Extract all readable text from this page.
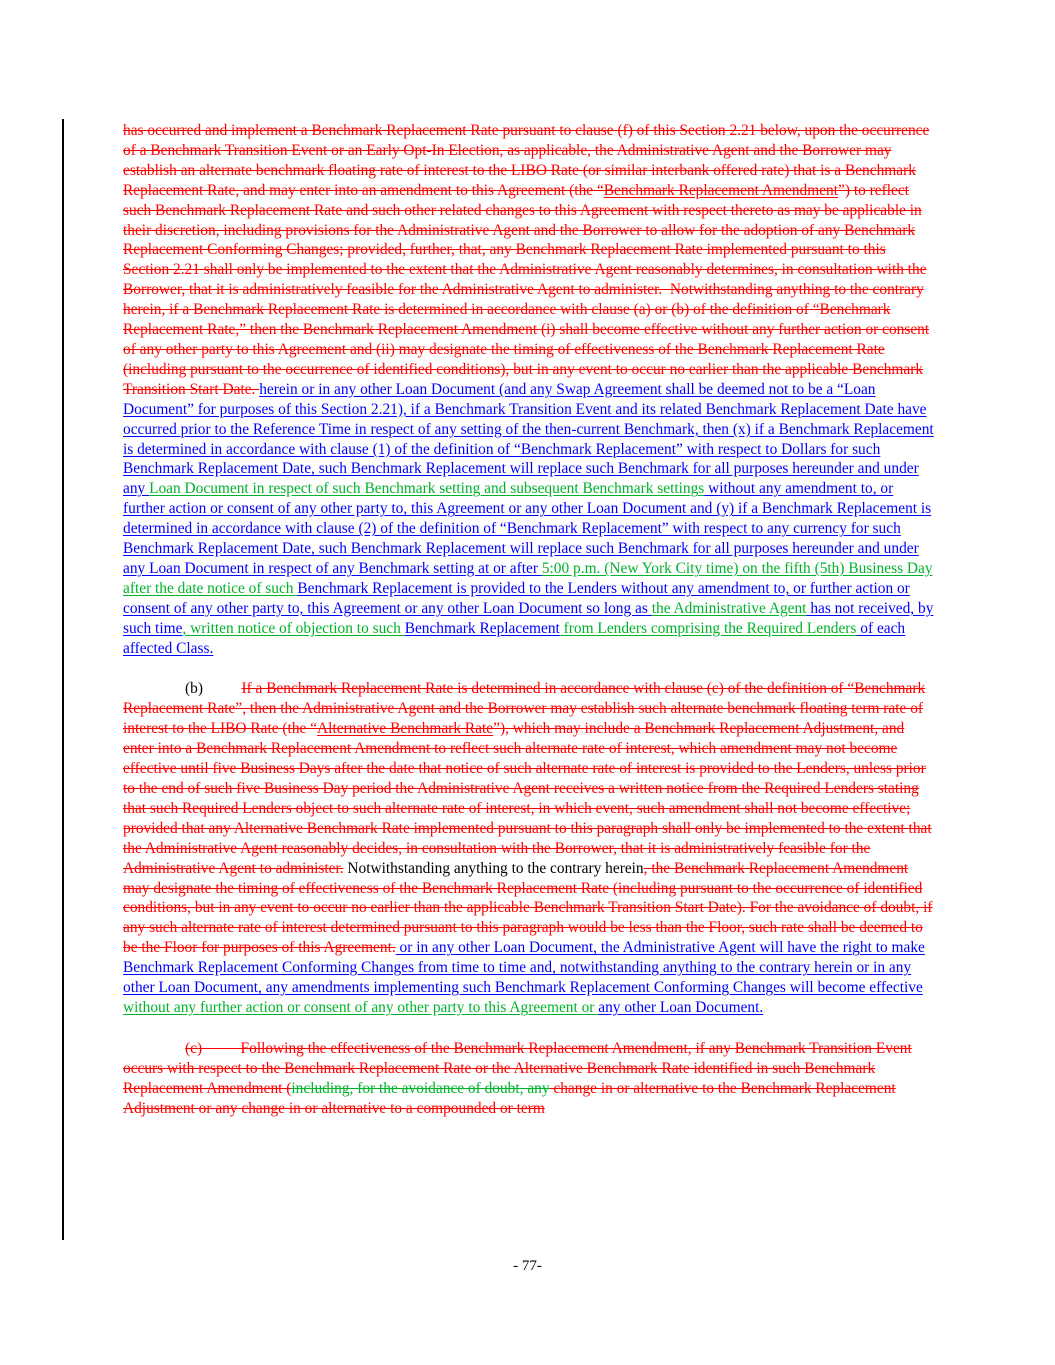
has occurred and implement a Benchmark Replacement Rate pursuant to clause (f) of this Section 2.21 below, upon the occurrence of a Benchmark Transition Event or an Early Opt-In Election, as applicable, the Administrative Agent and the Borrower may establish an alternate benchmark floating rate of interest to the LIBO Rate (or similar interbank offered rate) that is a Benchmark Replacement Rate, and may enter into an amendment to this Agreement (the “Benchmark Replacement Amendment”) to reflect such Benchmark Replacement Rate and such other related changes to this Agreement with respect thereto as may be applicable in their discretion, including provisions for the Administrative Agent and the Borrower to allow for the adoption of any Benchmark Replacement Conforming Changes; provided, further, that, any Benchmark Replacement Rate implemented pursuant to this Section 2.21 shall only be implemented to the extent that the Administrative Agent reasonably determines, in consultation with the Borrower, that it is administratively feasible for the Administrative Agent to administer.  Notwithstanding anything to the contrary herein, if a Benchmark Replacement Rate is determined in accordance with clause (a) or (b) of the definition of “Benchmark Replacement Rate,” then the Benchmark Replacement Amendment (i) shall become effective without any further action or consent of any other party to this Agreement and (ii) may designate the timing of effectiveness of the Benchmark Replacement Rate (including pursuant to the occurrence of identified conditions), but in any event to occur no earlier than the applicable Benchmark Transition Start Date. herein or in any other Loan Document (and any Swap Agreement shall be deemed not to be a “Loan Document” for purposes of this Section 2.21), if a Benchmark Transition Event and its related Benchmark Replacement Date have occurred prior to the Reference Time in respect of any setting of the then-current Benchmark, then (x) if a Benchmark Replacement is determined in accordance with clause (1) of the definition of “Benchmark Replacement” with respect to Dollars for such Benchmark Replacement Date, such Benchmark Replacement will replace such Benchmark for all purposes hereunder and under any Loan Document in respect of such Benchmark setting and subsequent Benchmark settings without any amendment to, or further action or consent of any other party to, this Agreement or any other Loan Document and (y) if a Benchmark Replacement is determined in accordance with clause (2) of the definition of “Benchmark Replacement” with respect to any currency for such Benchmark Replacement Date, such Benchmark Replacement will replace such Benchmark for all purposes hereunder and under any Loan Document in respect of any Benchmark setting at or after 5:00 p.m. (New York City time) on the fifth (5th) Business Day after the date notice of such Benchmark Replacement is provided to the Lenders without any amendment to, or further action or consent of any other party to, this Agreement or any other Loan Document so long as the Administrative Agent has not received, by such time, written notice of objection to such Benchmark Replacement from Lenders comprising the Required Lenders of each affected Class.

(b)          If a Benchmark Replacement Rate is determined in accordance with clause (c) of the definition of “Benchmark Replacement Rate”, then the Administrative Agent and the Borrower may establish such alternate benchmark floating term rate of interest to the LIBO Rate (the “Alternative Benchmark Rate”), which may include a Benchmark Replacement Adjustment, and enter into a Benchmark Replacement Amendment to reflect such alternate rate of interest, which amendment may not become effective until five Business Days after the date that notice of such alternate rate of interest is provided to the Lenders, unless prior to the end of such five Business Day period the Administrative Agent receives a written notice from the Required Lenders stating that such Required Lenders object to such alternate rate of interest, in which event, such amendment shall not become effective; provided that any Alternative Benchmark Rate implemented pursuant to this paragraph shall only be implemented to the extent that the Administrative Agent reasonably decides, in consultation with the Borrower, that it is administratively feasible for the Administrative Agent to administer. Notwithstanding anything to the contrary herein, the Benchmark Replacement Amendment may designate the timing of effectiveness of the Benchmark Replacement Rate (including pursuant to the occurrence of identified conditions, but in any event to occur no earlier than the applicable Benchmark Transition Start Date). For the avoidance of doubt, if any such alternate rate of interest determined pursuant to this paragraph would be less than the Floor, such rate shall be deemed to be the Floor for purposes of this Agreement. or in any other Loan Document, the Administrative Agent will have the right to make Benchmark Replacement Conforming Changes from time to time and, notwithstanding anything to the contrary herein or in any other Loan Document, any amendments implementing such Benchmark Replacement Conforming Changes will become effective without any further action or consent of any other party to this Agreement or any other Loan Document.

(c)          Following the effectiveness of the Benchmark Replacement Amendment, if any Benchmark Transition Event occurs with respect to the Benchmark Replacement Rate or the Alternative Benchmark Rate identified in such Benchmark Replacement Amendment (including, for the avoidance of doubt, any change in or alternative to the Benchmark Replacement Adjustment or any change in or alternative to a compounded or term

- 77-
